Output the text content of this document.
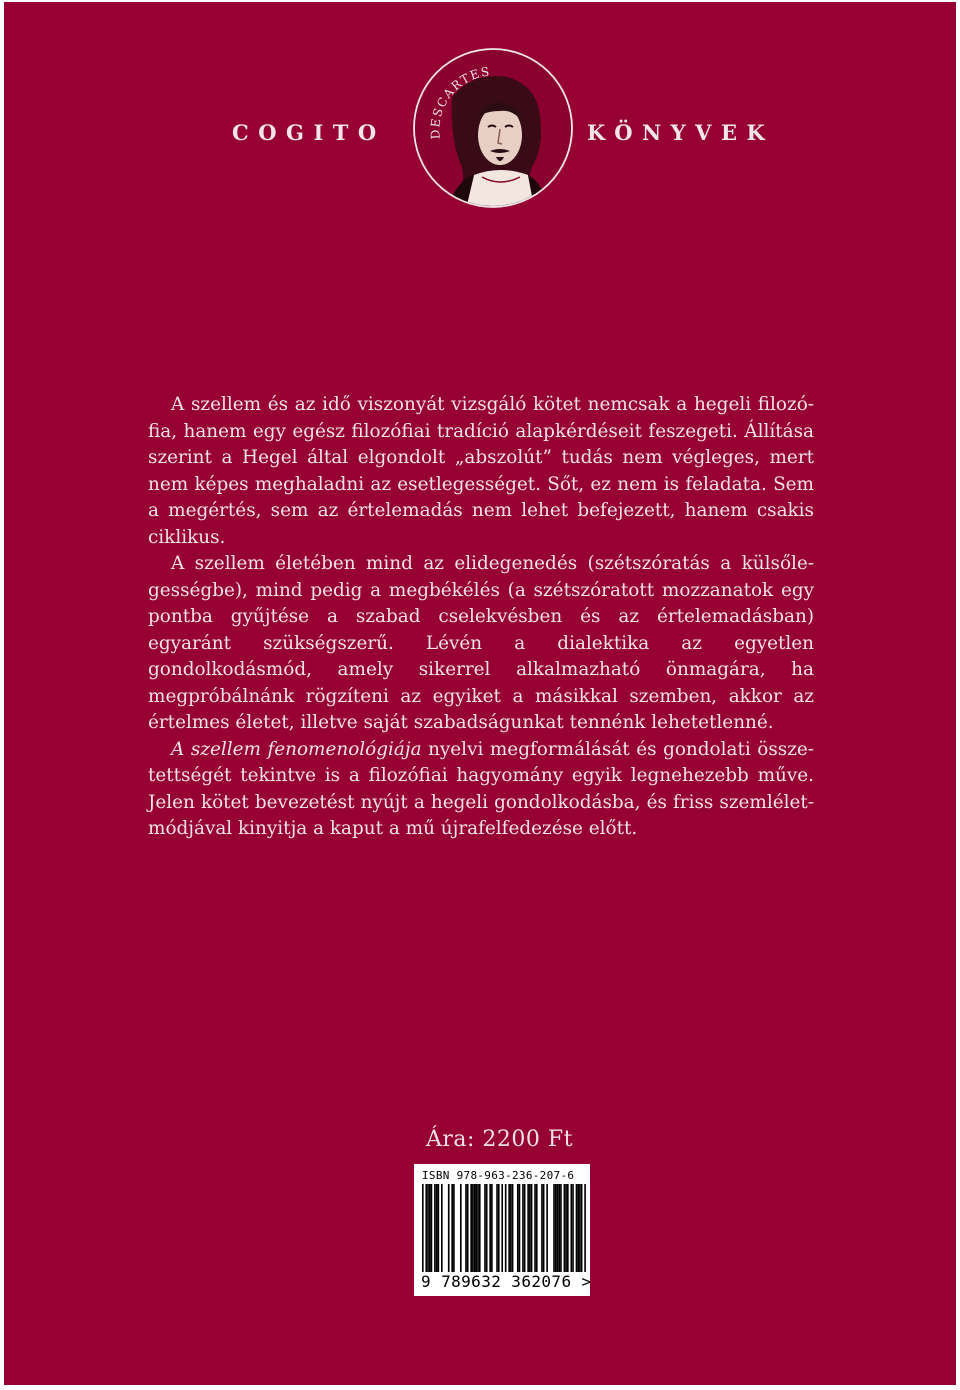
COGITO	DESCARTES
KÖNYVEK

A szellem és az idő viszonyát vizsgáló kötet nemcsak a hegeli filozófia, hanem egy egész filozófiai tradíció alapkérdéseit feszegeti. Állítása szerint a Hegel által elgondolt „abszolút” tudás nem végleges, mert nem képes meghaladni az esetlegességet. Sőt, ez nem is feladata. Sem a megértés, sem az értelemadás nem lehet befejezett, hanem csakis ciklikus.

A szellem életében mind az elidegenedés (szétszóratás a külsőlegességbe), mind pedig a megbékélés (a szétszóratott mozzanatok egy pontba gyűjtése a szabad cselekvésben és az értelemadásban) egyaránt szükségszerű. Lévén a dialektika az egyetlen gondolkodásmód, amely sikerrel alkalmazható önmagára, ha megpróbálnánk rögzíteni az egyiket a másikkal szemben, akkor az értelmes életet, illetve saját szabadságunkat tennénk lehetetlenné.

A szellem fenomenológiája nyelvi megformálását és gondolati összetettségét tekintve is a filozófiai hagyomány egyik legnehezebb műve. Jelen kötet bevezetést nyújt a hegeli gondolkodásba, és friss szemléletmódjával kinyitja a kaput a mű újrafelfedezése előtt.

Ára: 2200 Ft
ISBN 978-963-236-207-6
9 789632 362076 >
